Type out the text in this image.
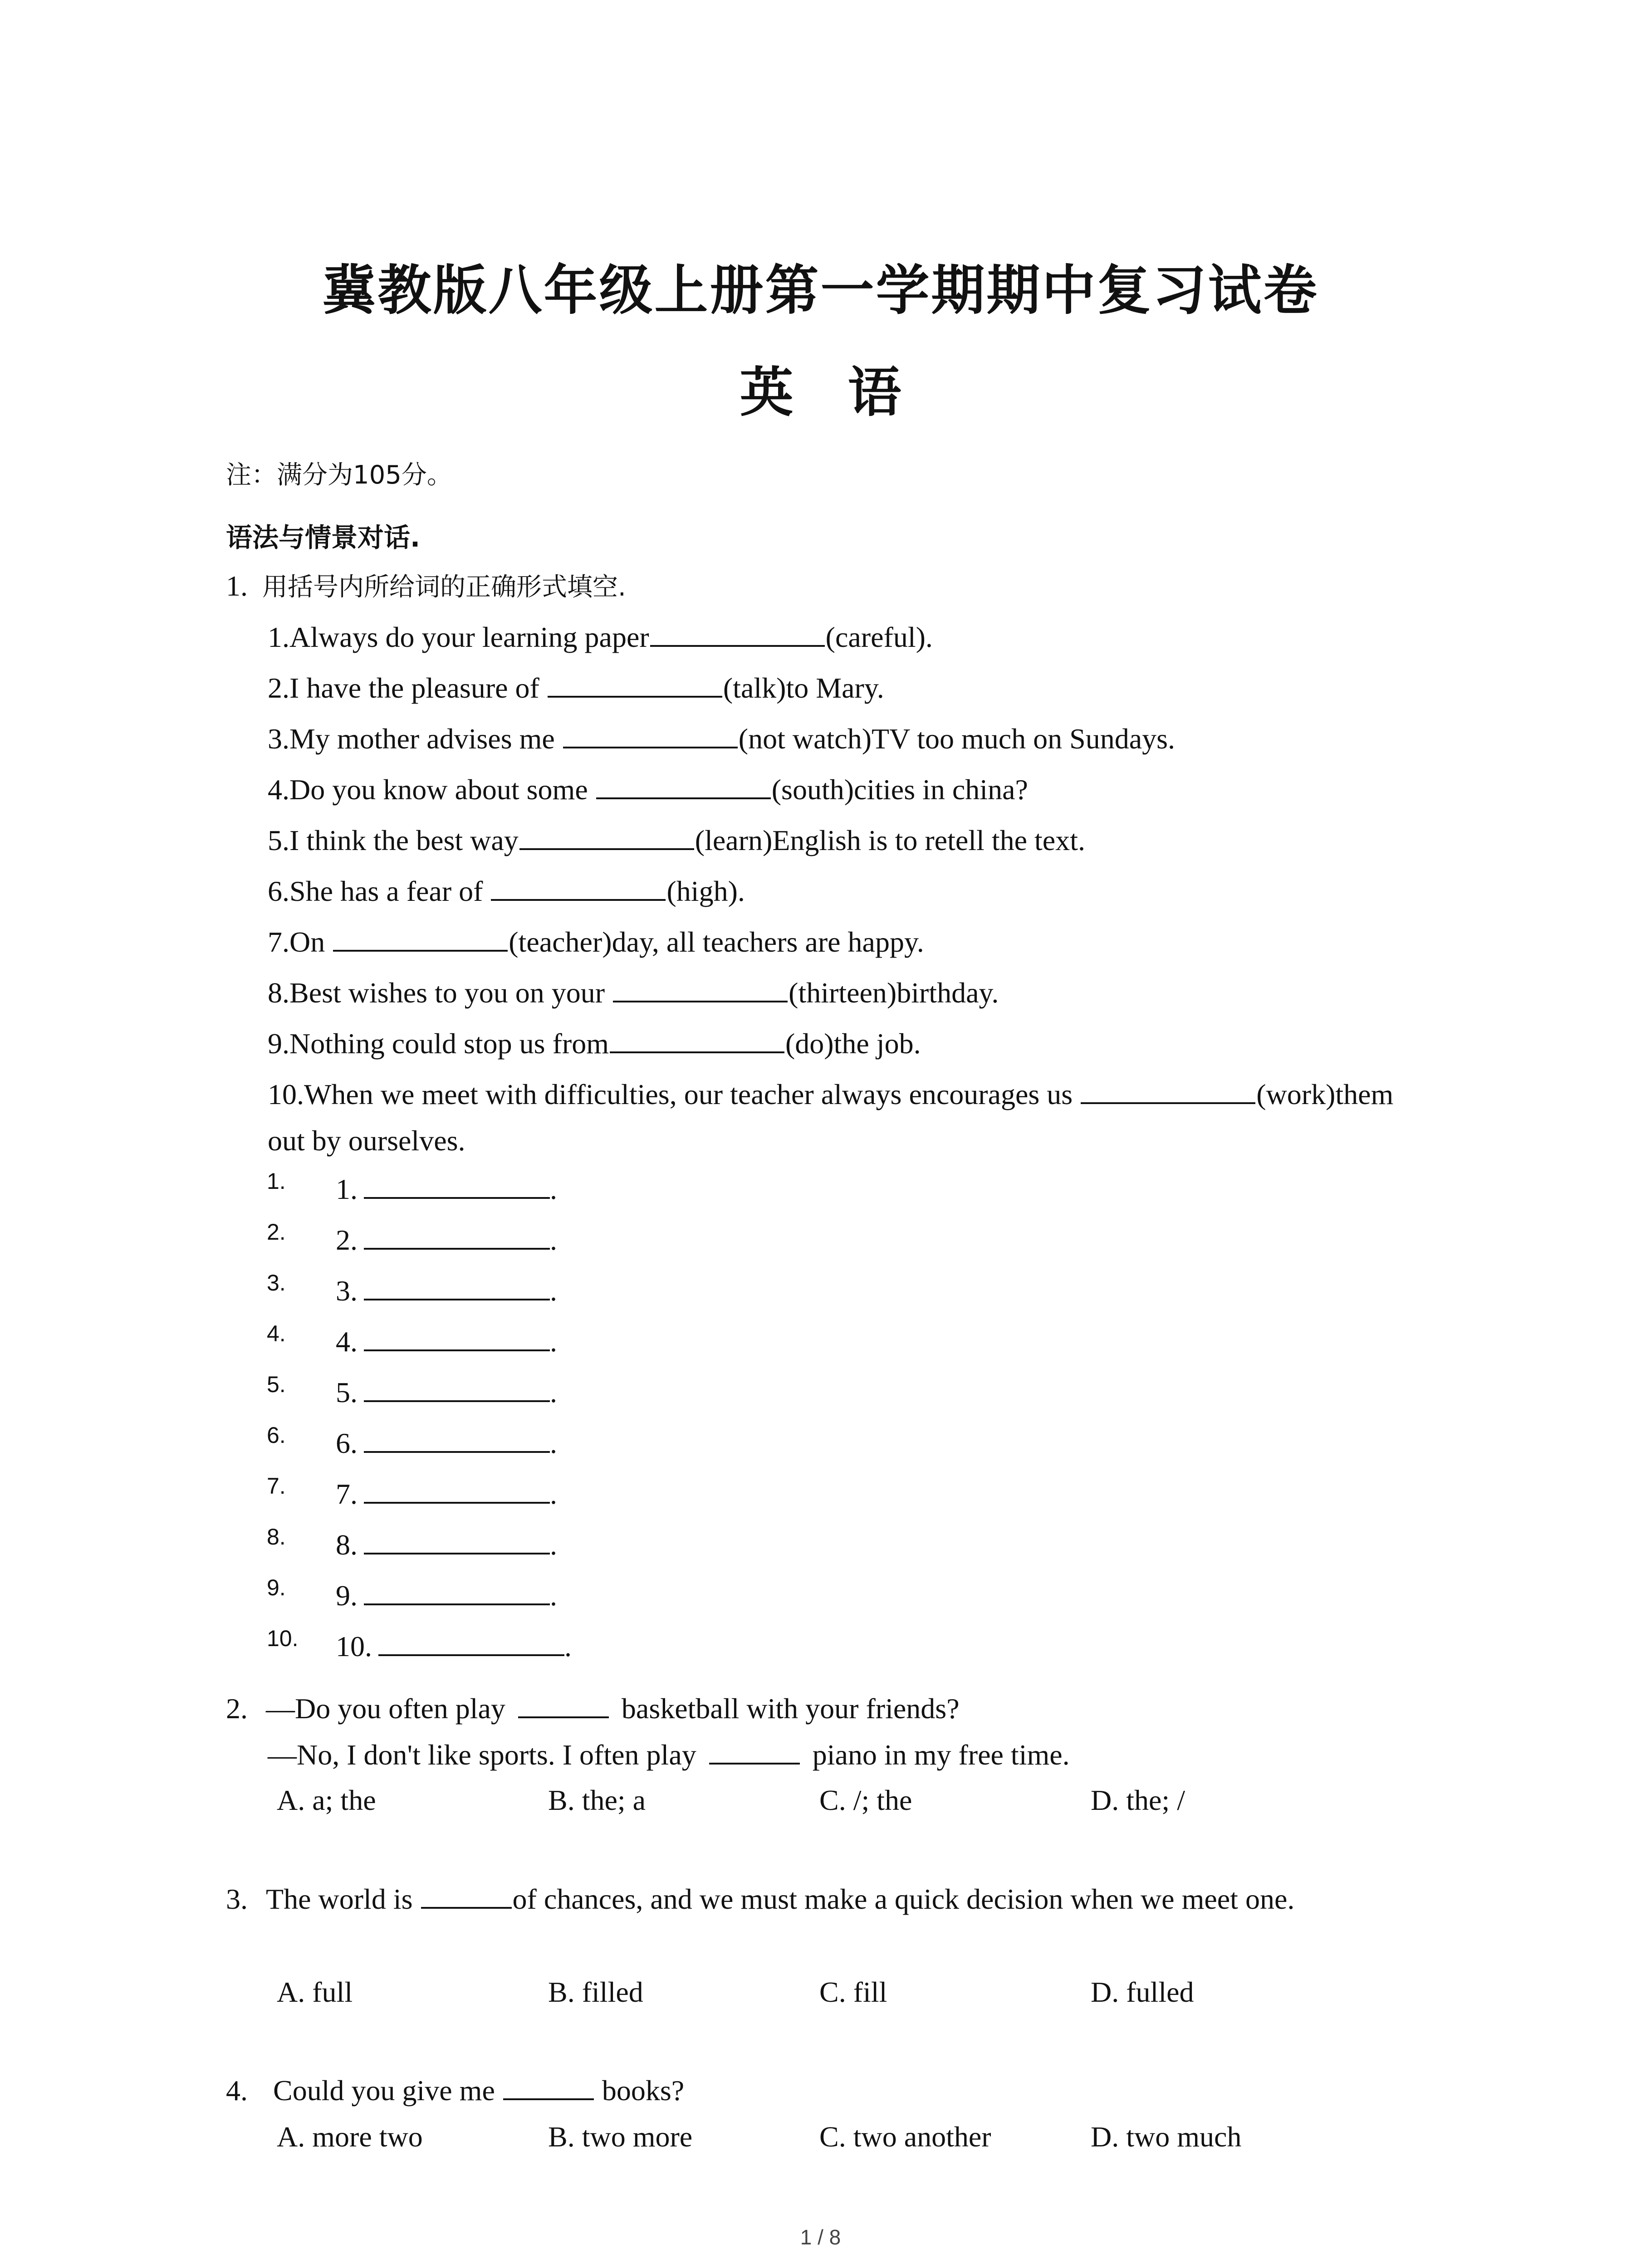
冀教版八年级上册第一学期期中复习试卷
英语
注：满分为105分。
语法与情景对话.
1. 用括号内所给词的正确形式填空.
1.Always do your learning paper	(careful).
2.I have the pleasure of	(talk)to Mary.
3.My mother advises me	(not watch)TV too much on Sundays.
4.Do you know about some	(south)cities in china?
5.I think the best way	(learn)English is to retell the text.
6.She has a fear of	(high).
7.On	(teacher)day, all teachers are happy.
8.Best wishes to you on your	(thirteen)birthday.
9.Nothing could stop us from	(do)the job.
10.When we meet with difficulties, our teacher always encourages us	(work)them
out by ourselves.
1. 1.	.
2. 2.	.
3. 3.	.
4. 4.	.
5. 5.	.
6. 6.	.
7. 7.	.
8. 8.	.
9. 9.	.
10. 10.	.
2. —Do you often play	basketball with your friends?
—No, I don't like sports. I often play	piano in my free time.
A. a; the	B. the; a	C. /; the	D. the; /
3. The world is	of chances, and we must make a quick decision when we meet one.
A. full	B. filled	C. fill	D. fulled
4. Could you give me	books?
A. more two	B. two more	C. two another	D. two much
1 / 8
